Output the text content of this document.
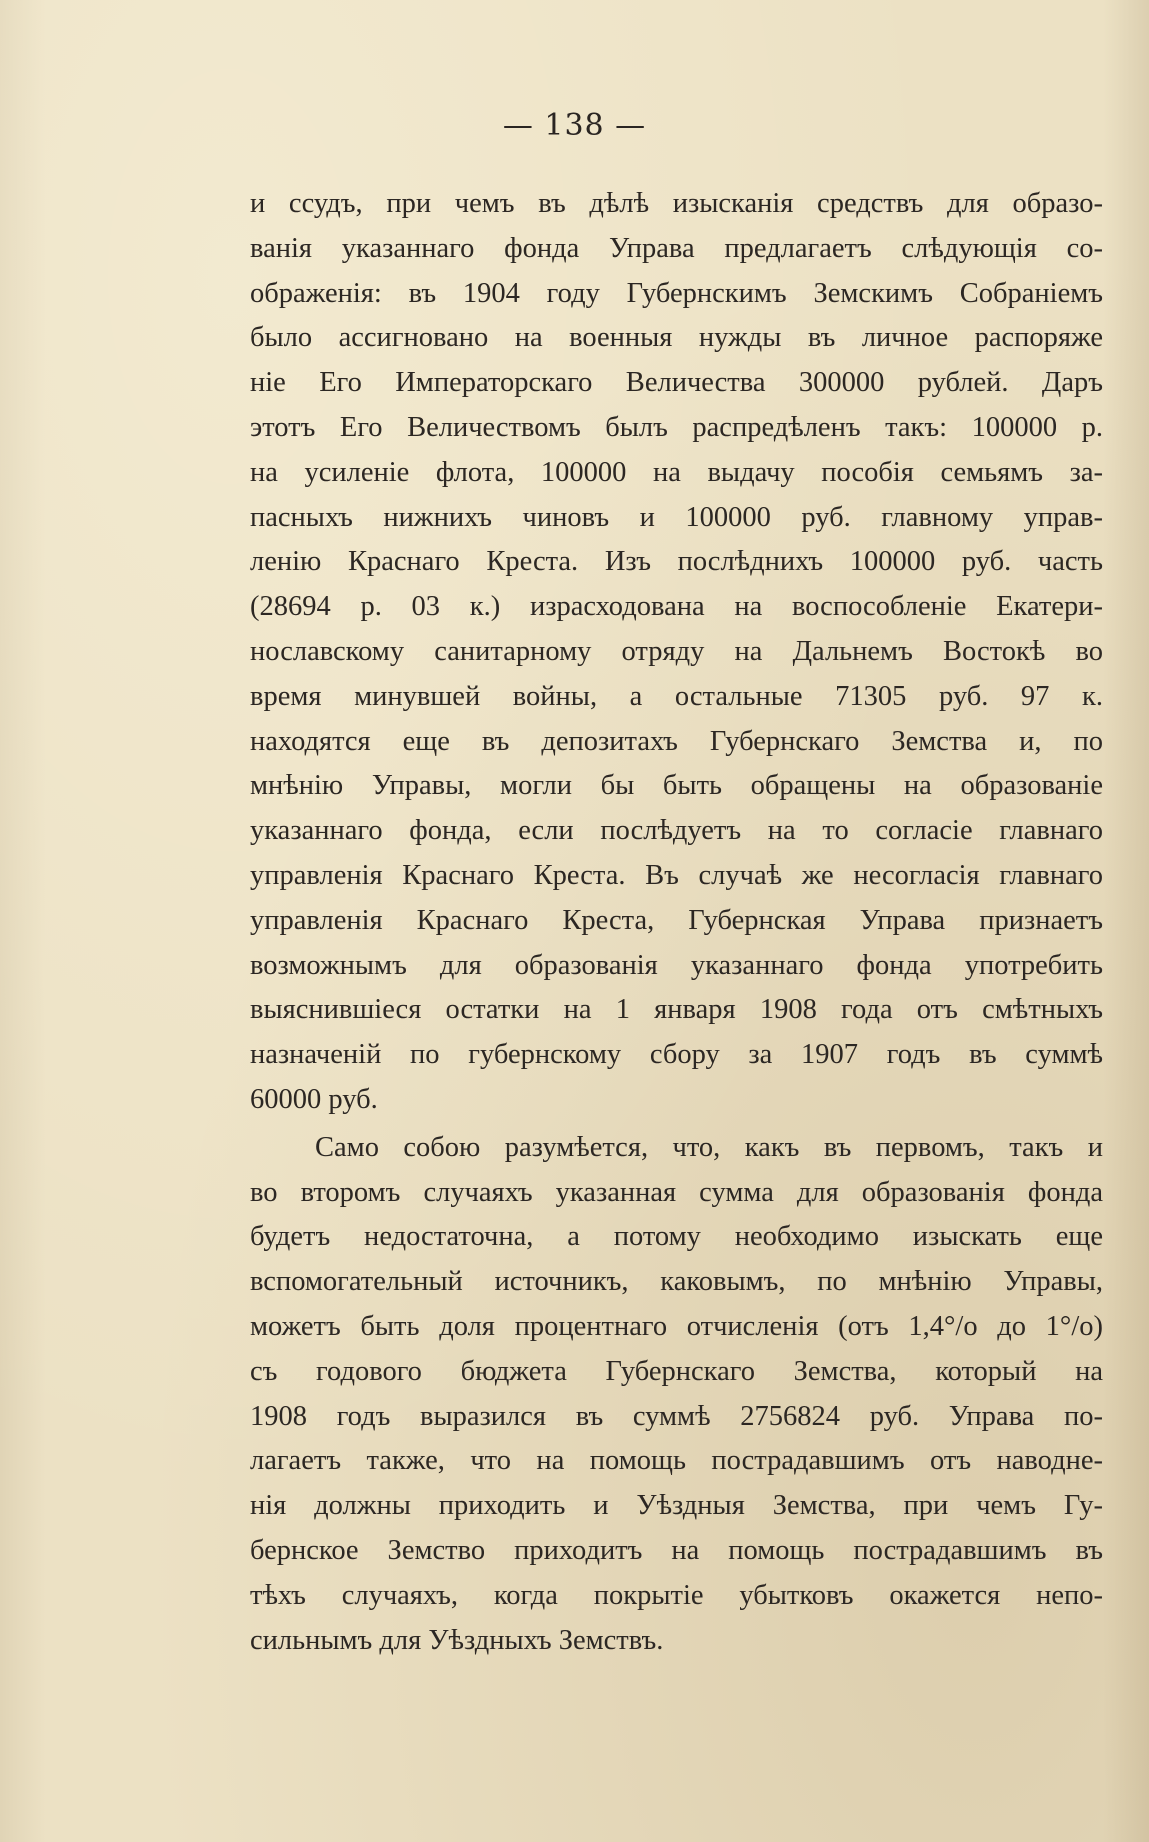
— 138 —
и ссудъ, при чемъ въ дѣлѣ изысканія средствъ для образо-
ванія указаннаго фонда Управа предлагаетъ слѣдующія со-
ображенія: въ 1904 году Губернскимъ Земскимъ Собраніемъ
было ассигновано на военныя нужды въ личное распоряже
ніе Его Императорскаго Величества 300000 рублей. Даръ
этотъ Его Величествомъ былъ распредѣленъ такъ: 100000 р.
на усиленіе флота, 100000 на выдачу пособія семьямъ за-
пасныхъ нижнихъ чиновъ и 100000 руб. главному управ-
ленію Краснаго Креста. Изъ послѣднихъ 100000 руб. часть
(28694 р. 03 к.) израсходована на воспособленіе Екатери-
нославскому санитарному отряду на Дальнемъ Востокѣ во
время минувшей войны, а остальные 71305 руб. 97 к.
находятся еще въ депозитахъ Губернскаго Земства и, по
мнѣнію Управы, могли бы быть обращены на образованіе
указаннаго фонда, если послѣдуетъ на то согласіе главнаго
управленія Краснаго Креста. Въ случаѣ же несогласія главнаго
управленія Краснаго Креста, Губернская Управа признаетъ
возможнымъ для образованія указаннаго фонда употребить
выяснившіеся остатки на 1 января 1908 года отъ смѣтныхъ
назначеній по губернскому сбору за 1907 годъ въ суммѣ
60000 руб.
Само собою разумѣется, что, какъ въ первомъ, такъ и
во второмъ случаяхъ указанная сумма для образованія фонда
будетъ недостаточна, а потому необходимо изыскать еще
вспомогательный источникъ, каковымъ, по мнѣнію Управы,
можетъ быть доля процентнаго отчисленія (отъ 1,4°/о до 1°/о)
съ годового бюджета Губернскаго Земства, который на
1908 годъ выразился въ суммѣ 2756824 руб. Управа по-
лагаетъ также, что на помощь пострадавшимъ отъ наводне-
нія должны приходить и Уѣздныя Земства, при чемъ Гу-
бернское Земство приходитъ на помощь пострадавшимъ въ
тѣхъ случаяхъ, когда покрытіе убытковъ окажется непо-
сильнымъ для Уѣздныхъ Земствъ.
